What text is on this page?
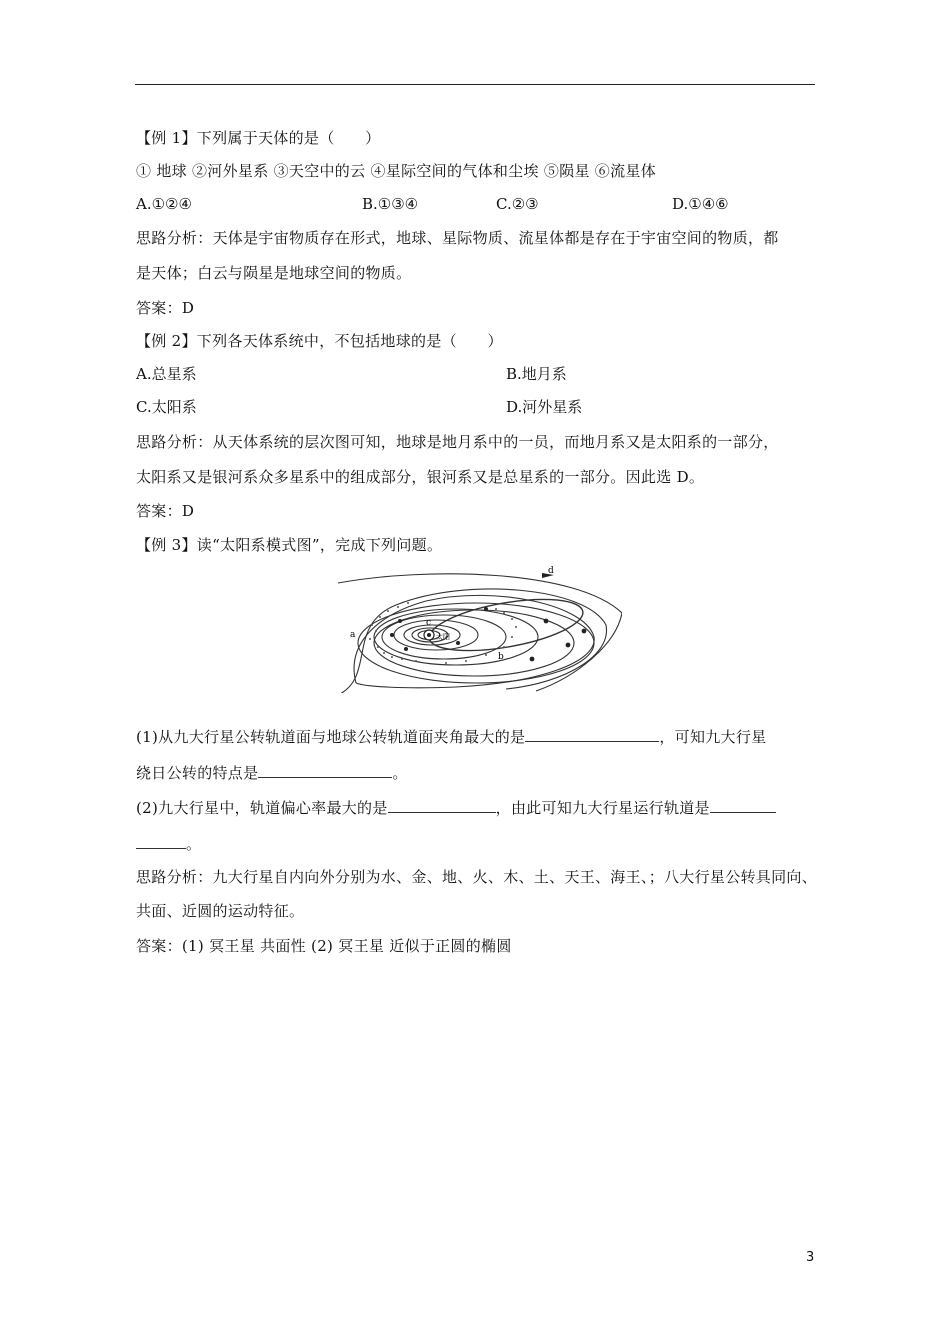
【例 1】下列属于天体的是（　　）
① 地球 ②河外星系 ③天空中的云 ④星际空间的气体和尘埃 ⑤陨星 ⑥流星体
A.①②④	B.①③④	C.②③	D.①④⑥
思路分析：天体是宇宙物质存在形式，地球、星际物质、流星体都是存在于宇宙空间的物质，都
是天体；白云与陨星是地球空间的物质。
答案：D
【例 2】下列各天体系统中，不包括地球的是（　　）
A.总星系	B.地月系
C.太阳系	D.河外星系
思路分析：从天体系统的层次图可知，地球是地月系中的一员，而地月系又是太阳系的一部分，
太阳系又是银河系众多星系中的组成部分，银河系又是总星系的一部分。因此选 D。
答案：D
【例 3】读“太阳系模式图”，完成下列问题。
d
a
b
c
太阳
(1)从九大行星公转轨道面与地球公转轨道面夹角最大的是	，可知九大行星
绕日公转的特点是	。
(2)九大行星中，轨道偏心率最大的是	，由此可知九大行星运行轨道是
。
思路分析：九大行星自内向外分别为水、金、地、火、木、土、天王、海王、；八大行星公转具同向、
共面、近圆的运动特征。
答案：(1) 冥王星 共面性 (2) 冥王星 近似于正圆的椭圆
3
